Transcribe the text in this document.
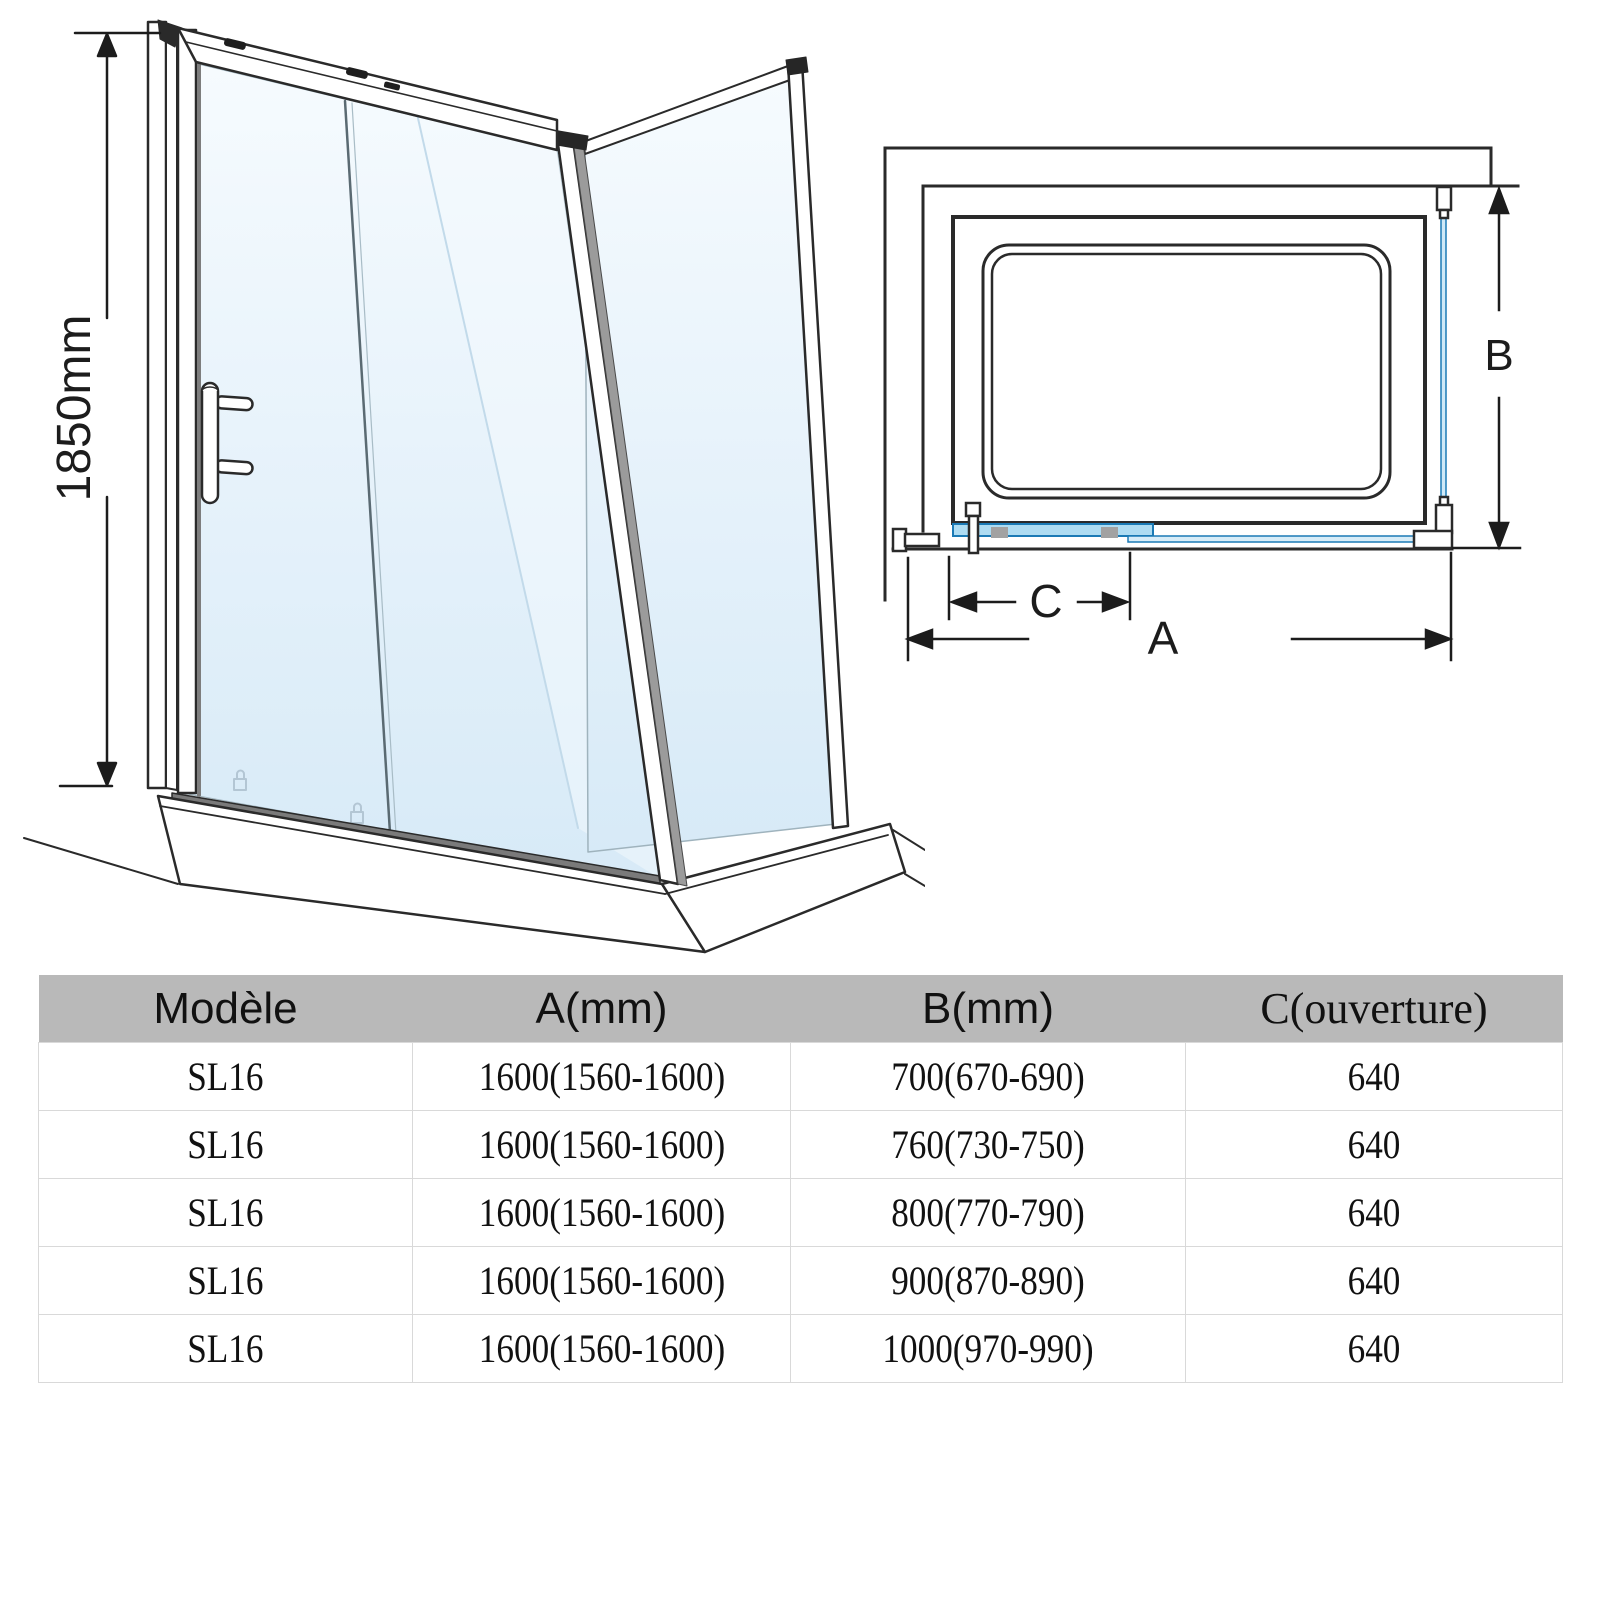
1850mm	B
C
A
Modèle	A(mm)	B(mm)	C(ouverture)
SL16	1600(1560-1600)	700(670-690)	640
SL16	1600(1560-1600)	760(730-750)	640
SL16	1600(1560-1600)	800(770-790)	640
SL16	1600(1560-1600)	900(870-890)	640
SL16	1600(1560-1600)	1000(970-990)	640
